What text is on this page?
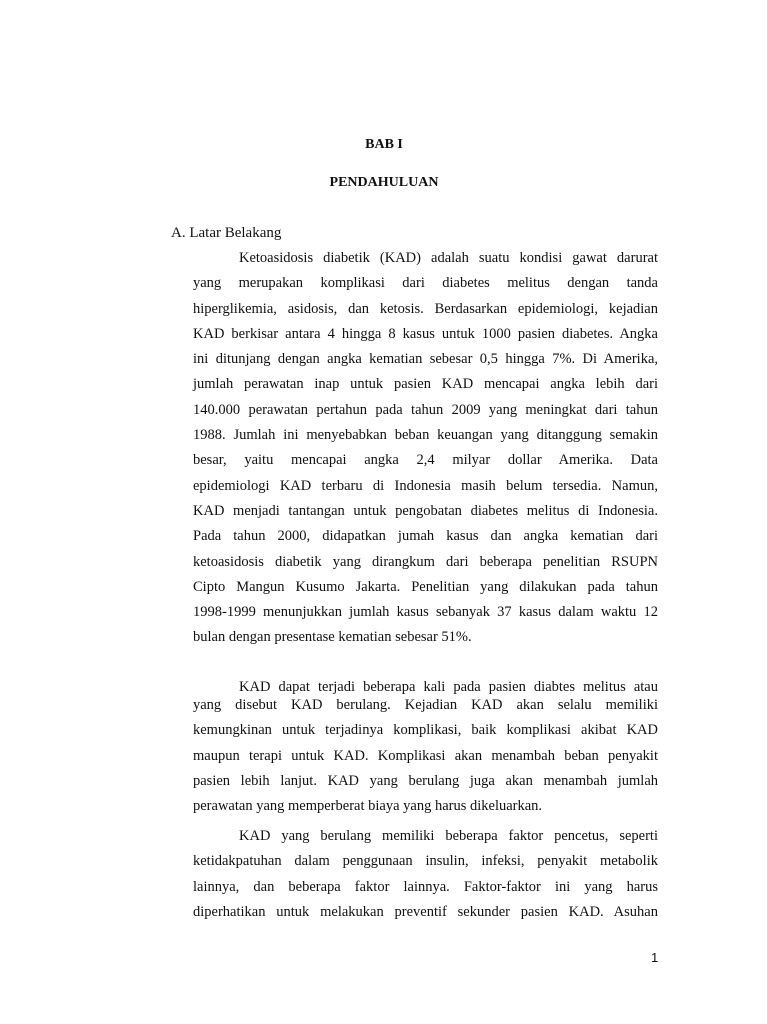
BAB I
PENDAHULUAN
A. Latar Belakang
Ketoasidosis diabetik (KAD) adalah suatu kondisi gawat darurat
yang merupakan komplikasi dari diabetes melitus dengan tanda
hiperglikemia, asidosis, dan ketosis. Berdasarkan epidemiologi, kejadian
KAD berkisar antara 4 hingga 8 kasus untuk 1000 pasien diabetes. Angka
ini ditunjang dengan angka kematian sebesar 0,5 hingga 7%. Di Amerika,
jumlah perawatan inap untuk pasien KAD mencapai angka lebih dari
140.000 perawatan pertahun pada tahun 2009 yang meningkat dari tahun
1988. Jumlah ini menyebabkan beban keuangan yang ditanggung semakin
besar, yaitu mencapai angka 2,4 milyar dollar Amerika. Data
epidemiologi KAD terbaru di Indonesia masih belum tersedia. Namun,
KAD menjadi tantangan untuk pengobatan diabetes melitus di Indonesia.
Pada tahun 2000, didapatkan jumah kasus dan angka kematian dari
ketoasidosis diabetik yang dirangkum dari beberapa penelitian RSUPN
Cipto Mangun Kusumo Jakarta. Penelitian yang dilakukan pada tahun
1998-1999 menunjukkan jumlah kasus sebanyak 37 kasus dalam waktu 12
bulan dengan presentase kematian sebesar 51%.
KAD dapat terjadi beberapa kali pada pasien diabtes melitus atau
yang disebut KAD berulang. Kejadian KAD akan selalu memiliki
kemungkinan untuk terjadinya komplikasi, baik komplikasi akibat KAD
maupun terapi untuk KAD. Komplikasi akan menambah beban penyakit
pasien lebih lanjut. KAD yang berulang juga akan menambah jumlah
perawatan yang memperberat biaya yang harus dikeluarkan.
KAD yang berulang memiliki beberapa faktor pencetus, seperti
ketidakpatuhan dalam penggunaan insulin, infeksi, penyakit metabolik
lainnya, dan beberapa faktor lainnya. Faktor-faktor ini yang harus
diperhatikan untuk melakukan preventif sekunder pasien KAD. Asuhan
1
